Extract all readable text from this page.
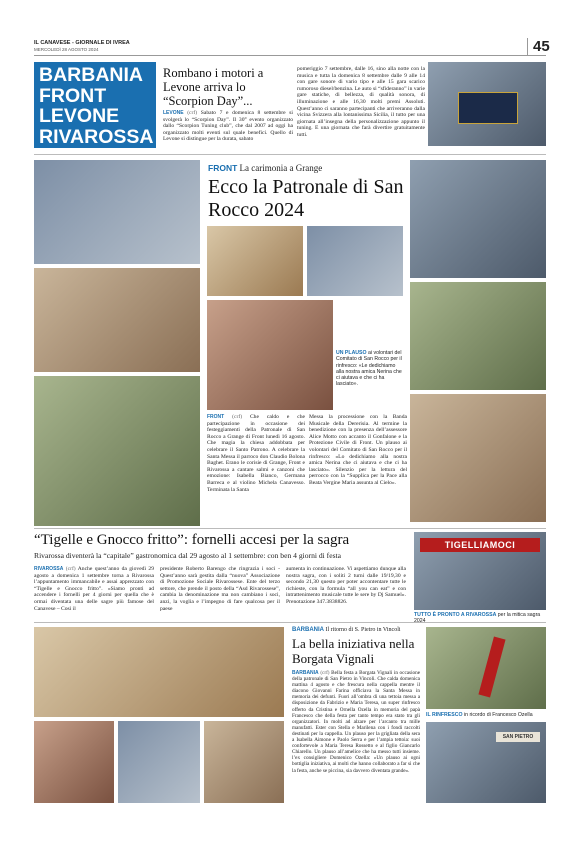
IL CANAVESE - GIORNALE DI IVREA
MERCOLEDÌ 28 AGOSTO 2024	45
BARBANIA
FRONT
LEVONE
RIVAROSSA
Rombano i motori a Levone arriva lo “Scorpion Day”...
LEVONE (crf) Sabato 7 e domenica 8 settembre si svolgerà lo “Scorpion Day”. Il 30° evento organizzato dallo “Scorpion Tuning club”, che dal 2007 ad oggi ha organizzato molti eventi sul quale benefici. Quello di Levone si distingue per la durata, sabato
pomeriggio 7 settembre, dalle 16, sino alla notte con la musica e tutta la domenica 8 settembre dalle 9 alle 14 con gare sonore di vario tipo e alle 15 gara scarico rumoroso diesel/benzina. Le auto si “sfideranno” in varie gare statiche, di bellezza, di qualità sonora, di illuminazione e alle 16,30 molti premi Assoluti. Quest’anno ci saranno partecipanti che arriveranno dalla vicina Svizzera alla lontanissima Sicilia, il tutto per una giornata all’insegna della personalizzazione appunto il tuning. E una giornata che farà divertire gratuitamente tutti.
FRONT La carimonia a Grange
Ecco la Patronale di San Rocco 2024
UN PLAUSO ai volontari del Comitato di San Rocco per il rinfresco: «Le dedichiamo alla nostra amica Nerina che ci aiutava e che ci ha lasciato».
FRONT (crf) Che caldo e che partecipazione in occasione dei festeggiamenti della Patronale di San Rocco a Grange di Front lunedì 16 agosto. Che magia la chiesa addobbata per celebrare il Santo Patrono. A celebrare la Santa Messa il parroco don Claudio Bolona Baghet. Erano le corisie di Grange, Front e Rivarossa a cantare salmi e canzoni che emozione: Isabella Bianco, Germana Barreca e al violino Michela Canavesso. Terminata la Santa
Messa la processione con la Banda Musicale della Dererisia. Al termine la benedizione con la presenza dell’assessore Alice Motto con accanto il Gonfalone e la Protezione Civile di Front. Un plauso ai volontari del Comitato di San Rocco per il rinfresco: «Lo dedichiamo alla nostra amica Nerina che ci aiutava e che ci ha lasciato». Silenzio per la lettura del perrocco con la “Supplica per la Pace alla Beata Vergine Maria assunta al Cielo».
“Tigelle e Gnocco fritto”: fornelli accesi per la sagra
Rivarossa diventerà la “capitale” gastronomica dal 29 agosto al 1 settembre: con ben 4 giorni di festa
RIVAROSSA (crf) Anche quest’anno da giovedì 29 agosto a domenica 1 settembre torna a Rivarossa l’appuntamento immancabile e assai apprezzato con “Tigelle e Gnocco fritto”. «Siamo pronti ad accendere i fornelli per 4 giorni per quella che è ormai diventata una delle sagre più famose del Canavese – Così il
presidente Roberto Barengo che ringrazia i soci - Quest’anno sarà gestita dalla “nuova” Associazione di Promozione Sociale Rivarossese. Ente del terzo settore, che prende il posto della “Asd Rivarossese”, cambia la denominazione ma non cambiano i soci, anzi, la voglia e l’impegno di fare qualcosa per il paese
aumenta in continuazione. Vi aspettiamo dunque alla nostra sagra, con i soliti 2 turni dalle 19/19,30 e secondo 21,30 questo per poter accontentare tutte le richieste, con la formula “all you can eat” e con intrattenimento musicale tutte le sere by Dj Samuel». Prenotazione 347.3838826.
TIGELLIAMOCI
TUTTO È PRONTO A RIVAROSSA per la mitica sagra
BARBANIA Il ritorno di S. Pietro in Vincoli
La bella iniziativa nella Borgata Vignali
BARBANIA (crf) Bella festa a Borgata Vignali in occasione della patronale di San Pietro in Vincoli. Che calda domenica mattina 4 agosto e che frescura nella cappella mentre il diacono Giovanni Farina officiava la Santa Messa in memoria dei defunti. Fuori all’ombra di una tettoia messa a disposizione da Fabrizio e Maria Teresa, un super rinfresco offerto da Cristina e Ornella Ozella in memoria del papà Francesco che della festa per tanto tempo era stato tra gli organizzatori. In molti ad alzare per l’arcanto tra mille manufatti. Ester con Stella e Marilena con i fondi raccolti destinati per la cappella. Un plauso per la grigliata della sera a Isabella Aimone e Paolo Serra e per l’ampia tettoia: suoi confortevole a Maria Teresa Rossetto e al figlio Giancarlo Chiarello. Un plauso all’amelice che ha messo tutti insieme. l’ex consigliere Domenico Ozella: «Un plauso ai ogni bottiglia iniziativa, ai molti che hanno collaborato a far sì che la festa, anche se piccina, sia davvero diventata grande».
IL RINFRESCO in ricordo di Francesco Ozella
SAN PIETRO
